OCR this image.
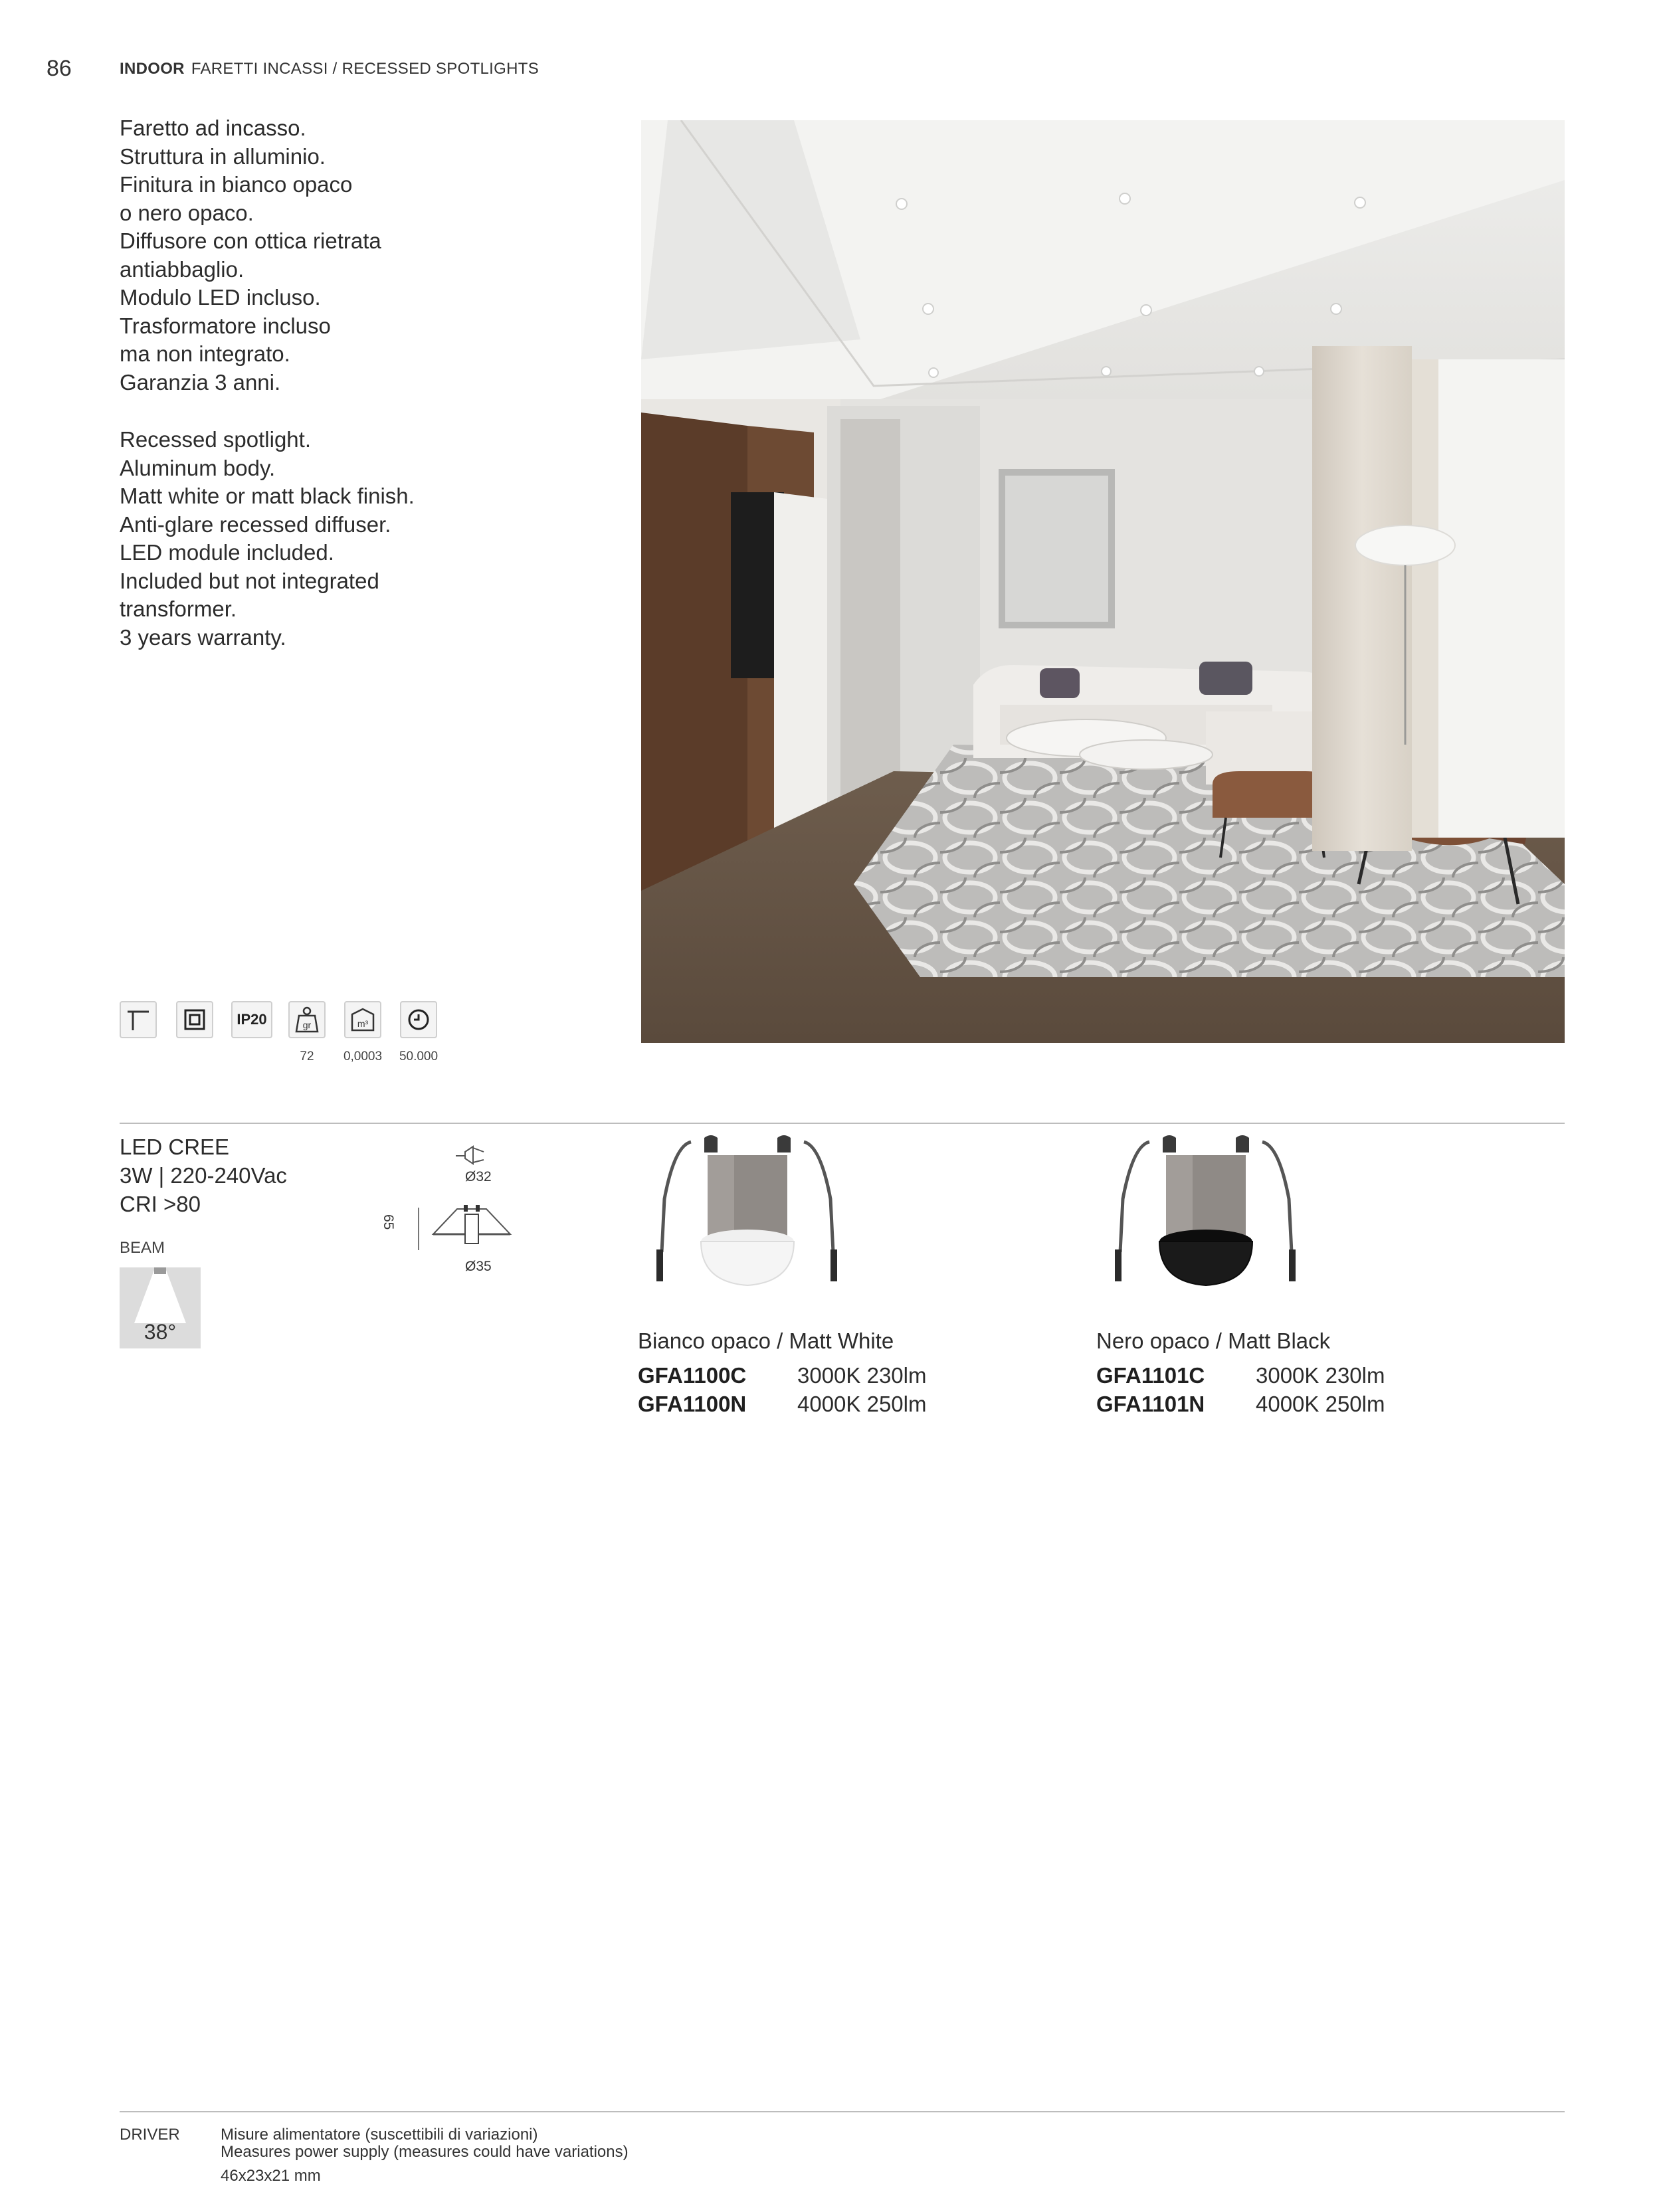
86	INDOOR FARETTI INCASSI / RECESSED SPOTLIGHTS
Faretto ad incasso.
Struttura in alluminio.
Finitura in bianco opaco
o nero opaco.
Diffusore con ottica rietrata
antiabbaglio.
Modulo LED incluso.
Trasformatore incluso
ma non integrato.
Garanzia 3 anni.
Recessed spotlight.
Aluminum body.
Matt white or matt black finish.
Anti-glare recessed diffuser.
LED module included.
Included but not integrated
transformer.
3 years warranty.
IP20	gr	m³
72	0,0003	50.000
LED CREE
3W | 220-240Vac
CRI >80
BEAM
38°
Ø32
65
Ø35
Bianco opaco / Matt White
GFA1100C 3000K 230lm
GFA1100N 4000K 250lm
Nero opaco / Matt Black
GFA1101C 3000K 230lm
GFA1101N 4000K 250lm
DRIVER	Misure alimentatore (suscettibili di variazioni)
Measures power supply (measures could have variations)
46x23x21 mm
